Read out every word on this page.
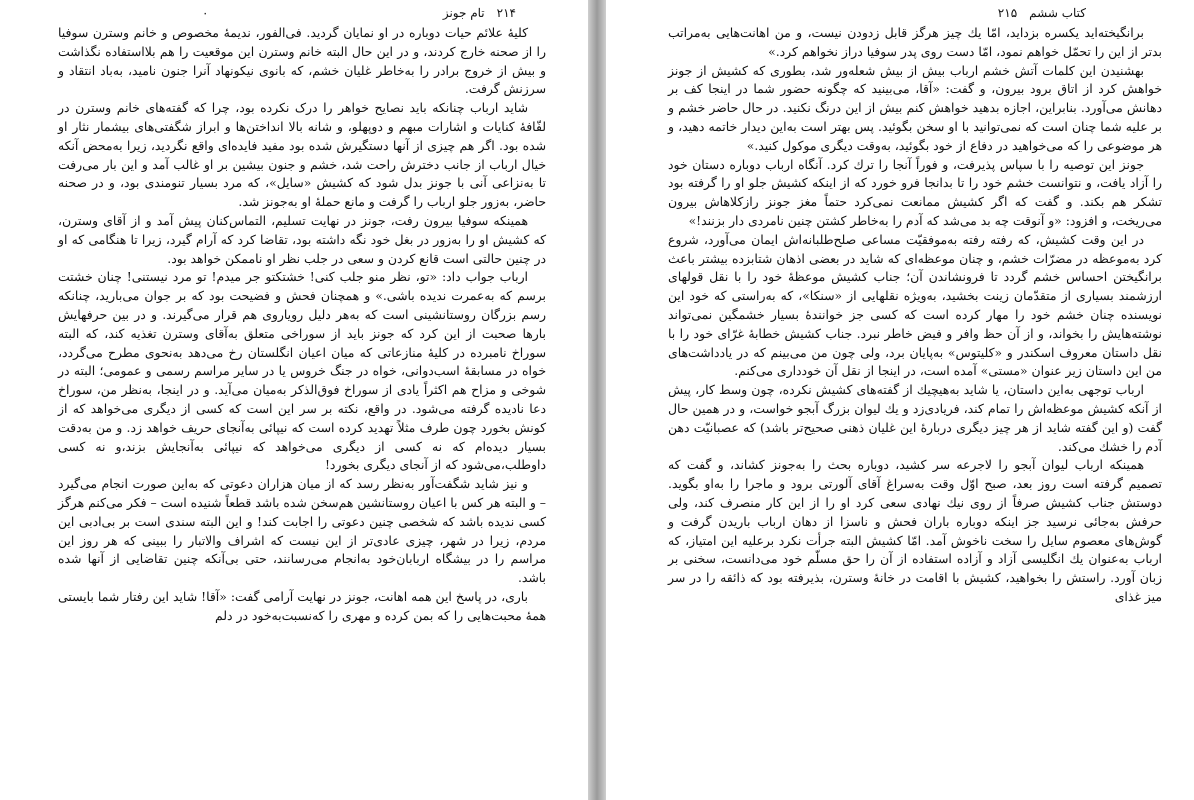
۲۱۴
تام جونز
۰

کلیهٔ علائم حیات دوباره در او نمایان گردید. فی‌الفور، ندیمهٔ مخصوص و خانم وسترن سوفیا را از صحنه خارج کردند، و در این حال البته خانم وسترن این موقعیت را هم بلااستفاده نگذاشت و بیش از خروج برادر را به‌خاطر غلیان خشم، که بانوی نیکونهاد آنرا جنون نامید، به‌باد انتقاد و سرزنش گرفت.

شاید ارباب چنانکه باید نصایح خواهر را درک نکرده بود، چرا که گفته‌های خانم وسترن در لفّافهٔ کنایات و اشارات مبهم و دوپهلو، و شانه بالا انداختن‌ها و ابراز شگفتی‌های بیشمار نثار او شده بود. اگر هم چیزی از آنها دستگیرش شده بود مفید فایده‌ای واقع نگردید، زیرا به‌محض آنکه خیال ارباب از جانب دخترش راحت شد، خشم و جنون بیشین بر او غالب آمد و این بار می‌رفت تا به‌نزاعی آنی با جونز بدل شود که کشیش «سایل»، که مرد بسیار تنومندی بود، و در صحنه حاضر، به‌زور جلو ارباب را گرفت و مانع حملهٔ او به‌جونز شد.

همینکه سوفیا بیرون رفت، جونز در نهایت تسلیم، التماس‌کنان پیش آمد و از آقای وسترن، که کشیش او را به‌زور در بغل خود نگه داشته بود، تقاضا کرد که آرام گیرد، زیرا تا هنگامی که او در چنین حالتی است قانع کردن و سعی در جلب نظر او ناممکن خواهد بود.

ارباب جواب داد: «تو، نظر منو جلب کنی! خشتکتو جر میدم! تو مرد نیستنی! چنان خشتت برسم که به‌عمرت ندیده باشی.» و همچنان فحش و فضیحت بود که بر جوان می‌بارید، چنانکه رسم بزرگان روستانشینی است که به‌هر دلیل رویاروی هم قرار می‌گیرند. و در بین حرفهایش بارها صحبت از این کرد که جونز باید از سوراخی متعلق به‌آقای وسترن تغذیه کند، که البته سوراخ نامبرده در کلیهٔ منازعاتی که میان اعیان انگلستان رخ می‌دهد به‌نحوی مطرح می‌گردد، خواه در مسابقهٔ اسب‌دوانی، خواه در جنگ خروس یا در سایر مراسم رسمی و عمومی؛ البته در شوخی و مزاح هم اکثراً یادی از سوراخ فوق‌الذکر به‌میان می‌آید. و در اینجا، به‌نظر من، سوراخ دعا نادیده گرفته می‌شود. در واقع، نکته بر سر این است که کسی از دیگری می‌خواهد که از کونش بخورد چون طرف مثلاً تهدید کرده است که نیپائی به‌آنجای حریف خواهد زد. و من به‌دقت بسیار دیده‌ام که نه کسی از دیگری می‌خواهد که نیپائی به‌آنجایش بزند،و نه کسی داوطلب،می‌شود که از آنجای دیگری بخورد!

و نیز شاید شگفت‌آور به‌نظر رسد که از میان هزاران دعوتی که به‌این صورت انجام می‌گیرد – و البته هر کس با اعیان روستانشین هم‌سخن شده باشد قطعاً شنیده است – فکر می‌کنم هرگز کسی ندیده باشد که شخصی چنین دعوتی را اجابت کند! و این البته سندی است بر بی‌ادبی این مردم، زیرا در شهر، چیزی عادی‌تر از این نیست که اشراف والاتبار را ببینی که هر روز این مراسم را در بیشگاه اربابان‌خود به‌انجام می‌رسانند، حتی بی‌آنکه چنین تقاضایی از آنها شده باشد.

باری، در پاسخ این همه اهانت، جونز در نهایت آرامی گفت: «آقا! شاید این رفتار شما بایستی همهٔ محبت‌هایی را که بمن کرده و مهری را که‌نسبت‌به‌خود در دلم

کتاب ششم
۲۱۵

برانگیخته‌اید یکسره بزداید، امّا یك چیز هرگز قابل زدودن نیست، و من اهانت‌هایی به‌مراتب بدتر از این را تحمّل خواهم نمود، امّا دست روی پدر سوفیا دراز نخواهم کرد.»

بهشنیدن این کلمات آتش خشم ارباب بیش از بیش شعله‌ور شد، بطوری که کشیش از جونز خواهش کرد از اتاق برود بیرون، و گفت: «آقا، می‌بینید که چگونه حضور شما در اینجا کف بر دهانش می‌آورد. بنابراین، اجازه بدهید خواهش کنم بیش از این درنگ نکنید. در حال حاضر خشم و بر علیه شما چنان است که نمی‌توانید با او سخن بگوئید. پس بهتر است به‌این دیدار خاتمه دهید، و هر موضوعی را که می‌خواهید در دفاع از خود بگوئید، به‌وقت دیگری موکول کنید.»

جونز این توصیه را با سپاس پذیرفت، و فوراً آنجا را ترك كرد. آنگاه ارباب دوباره دستان خود را آزاد یافت، و نتوانست خشم خود را تا بدانجا فرو خورد که از اینکه کشیش جلو او را گرفته بود تشکر هم بکند. و گفت که اگر کشیش ممانعت نمی‌کرد حتماً مغز جونز رازکلاهاش بیرون می‌ریخت، و افزود: «و آنوقت چه بد می‌شد که آدم را به‌خاطر کشتن چنین نامردی دار بزنند!»

در این وقت کشیش، که رفته رفته به‌موفقیّت مساعی صلح‌طلبانه‌اش ایمان می‌آورد، شروع کرد به‌موعظه در مضرّات خشم، و چنان موعظه‌ای که شاید در بعضی اذهان شتابزده بیشتر باعث برانگیختن احساس خشم گردد تا فرونشاندن آن؛ جناب کشیش موعظهٔ خود را با نقل قولهای ارزشمند بسیاری از متقدّمان زینت بخشید، به‌ویژه نقلهایی از «سنکا»، که به‌راستی که خود این نویسنده چنان خشم خود را مهار کرده است که کسی جز خوانندهٔ بسیار خشمگین نمی‌تواند نوشته‌هایش را بخواند، و از آن حظ وافر و فیض خاطر نبرد. جناب کشیش خطابهٔ غرّای خود را با نقل داستان معروف اسکندر و «کلیتوس» به‌پایان برد، ولی چون من می‌بینم که در یادداشت‌های من این داستان زیر عنوان «مستی» آمده است، در اینجا از نقل آن خودداری می‌کنم.

ارباب توجهی به‌این داستان، یا شاید به‌هیچیك از گفته‌های کشیش نکرده، چون وسط کار، پیش از آنکه کشیش موعظه‌اش را تمام کند، فریادی‌زد و یك لیوان بزرگ آبجو خواست، و در همین حال گفت (و این گفته شاید از هر چیز دیگری دربارهٔ این غلیان ذهنی صحیح‌تر باشد) که عصبانیّت دهن آدم را خشك می‌كند.

همینکه ارباب لیوان آبجو را لاجرعه سر کشید، دوباره بحث را به‌جونز کشاند، و گفت که تصمیم گرفته است روز بعد، صبح اوّل وقت به‌سراغ آقای آلورتی برود و ماجرا را به‌او بگوید. دوستش جناب کشیش صرفاً از روی نیك نهادی سعی کرد او را از این کار منصرف کند، ولی حرفش به‌جائی نرسید جز اینکه دوباره باران فحش و ناسزا از دهان ارباب باریدن گرفت و گوش‌های معصوم سایل را سخت ناخوش آمد. امّا کشیش البته جرأت نکرد برعلیه این امتیاز، که ارباب به‌عنوان یك انگلیسی آزاد و آزاده استفاده از آن را حق مسلّم خود می‌دانست، سخنی بر زبان آورد. راستش را بخواهید، کشیش با اقامت در خانهٔ وسترن، بذیرفته بود که ذائقه را در سر میز غذای
